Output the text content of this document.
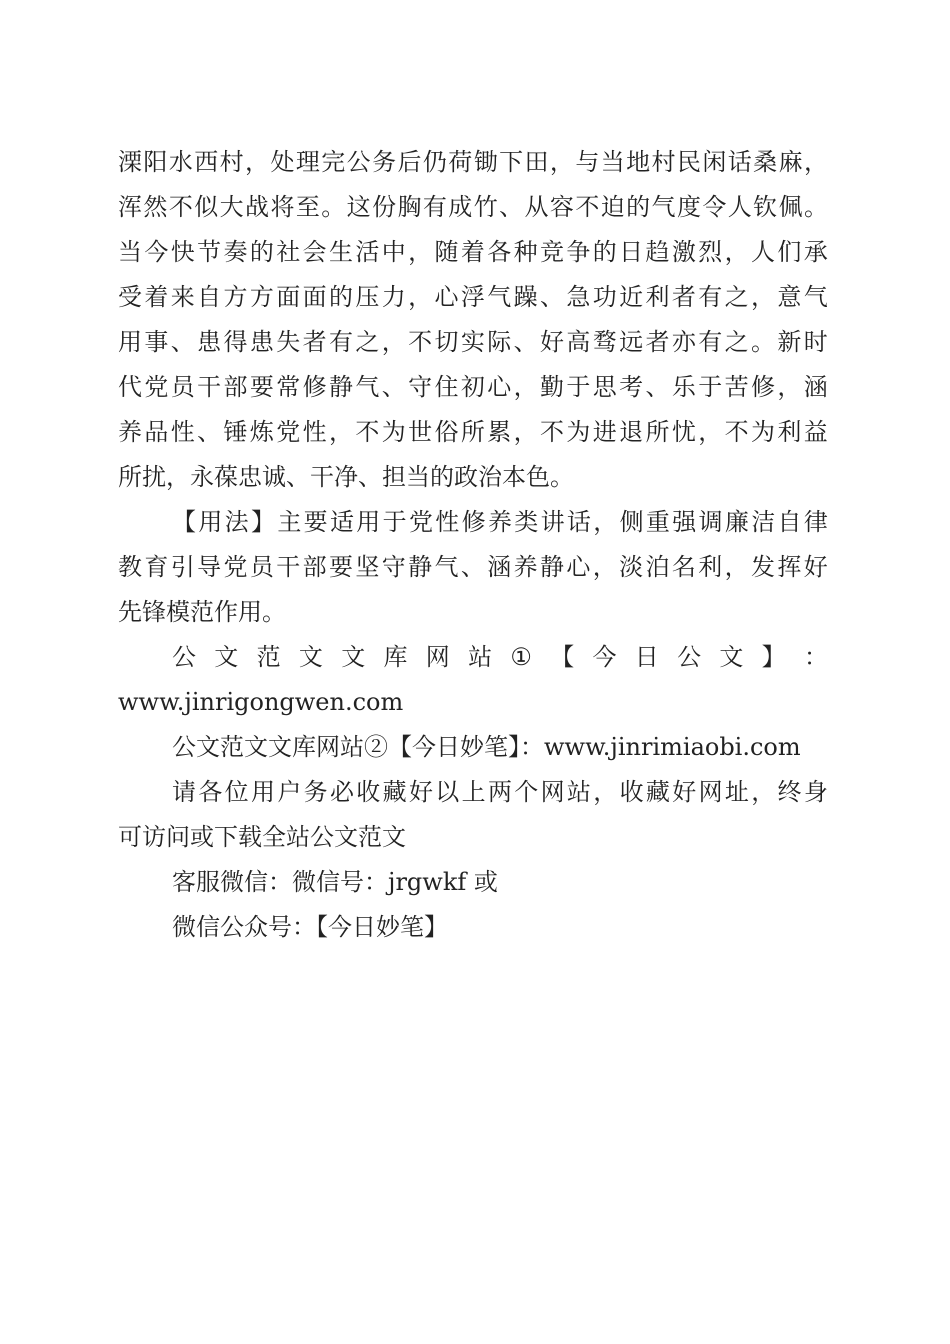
溧 阳 水 西 村 ， 处 理 完 公 务 后 仍 荷 锄 下 田 ， 与 当 地 村 民 闲 话 桑 麻 ，
浑 然 不 似 大 战 将 至 。 这 份 胸 有 成 竹 、 从 容 不 迫 的 气 度 令 人 钦 佩 。
当 今 快 节 奏 的 社 会 生 活 中 ， 随 着 各 种 竞 争 的 日 趋 激 烈 ， 人 们 承
受 着 来 自 方 方 面 面 的 压 力 ， 心 浮 气 躁 、 急 功 近 利 者 有 之 ， 意 气
用 事 、 患 得 患 失 者 有 之 ， 不 切 实 际 、 好 高 骛 远 者 亦 有 之 。 新 时
代 党 员 干 部 要 常 修 静 气 、 守 住 初 心 ， 勤 于 思 考 、 乐 于 苦 修 ， 涵
养 品 性 、 锤 炼 党 性 ， 不 为 世 俗 所 累 ， 不 为 进 退 所 忧 ， 不 为 利 益
所扰，永葆忠诚、干净、担当的政治本色。
【 用 法 】 主 要 适 用 于 党 性 修 养 类 讲 话 ， 侧 重 强 调 廉 洁 自 律
教 育 引 导 党 员 干 部 要 坚 守 静 气 、 涵 养 静 心 ， 淡 泊 名 利 ， 发 挥 好
先锋模范作用。
公 文 范 文 文 库 网 站 ① 【 今 日 公 文 】 ：
www.jinrigongwen.com
公文范文文库网站②【今日妙笔】：www.jinrimiaobi.com
请 各 位 用 户 务 必 收 藏 好 以 上 两 个 网 站 ， 收 藏 好 网 址 ， 终 身
可访问或下载全站公文范文
客服微信：微信号：jrgwkf 或
微信公众号：【今日妙笔】
